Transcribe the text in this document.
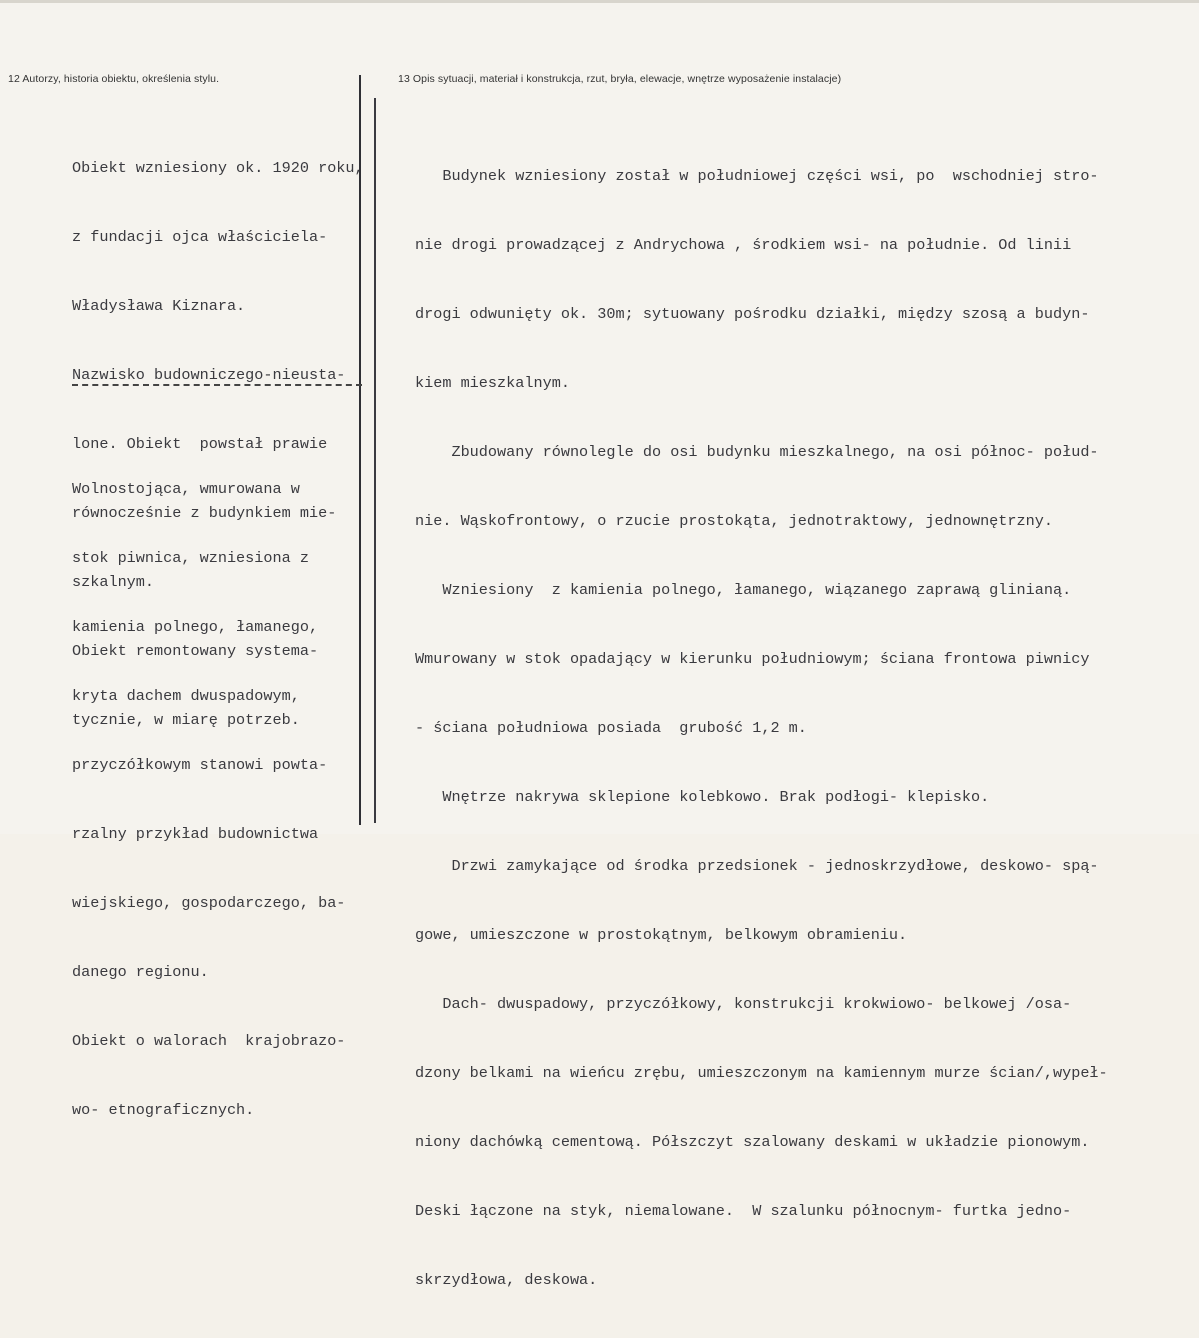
12 Autorzy, historia obiektu, określenia stylu.	13 Opis sytuacji, materiał i konstrukcja, rzut, bryła, elewacje, wnętrze wyposażenie instalacje)

Obiekt wzniesiony ok. 1920 roku,

z fundacji ojca właściciela-

Władysława Kiznara.

Nazwisko budowniczego-nieusta-

lone. Obiekt  powstał prawie

równocześnie z budynkiem mie-

szkalnym.

Obiekt remontowany systema-

tycznie, w miarę potrzeb.

Wolnostojąca, wmurowana w

stok piwnica, wzniesiona z

kamienia polnego, łamanego,

kryta dachem dwuspadowym,

przyczółkowym stanowi powta-

rzalny przykład budownictwa

wiejskiego, gospodarczego, ba-

danego regionu.

Obiekt o walorach  krajobrazo-

wo- etnograficznych.

Budynek wzniesiony został w południowej części wsi, po  wschodniej stro-

nie drogi prowadzącej z Andrychowa , środkiem wsi- na południe. Od linii

drogi odwunięty ok. 30m; sytuowany pośrodku działki, między szosą a budyn-

kiem mieszkalnym.

Zbudowany równolegle do osi budynku mieszkalnego, na osi północ- połud-

nie. Wąskofrontowy, o rzucie prostokąta, jednotraktowy, jednownętrzny.

Wzniesiony  z kamienia polnego, łamanego, wiązanego zaprawą glinianą.

Wmurowany w stok opadający w kierunku południowym; ściana frontowa piwnicy

- ściana południowa posiada  grubość 1,2 m.

Wnętrze nakrywa sklepione kolebkowo. Brak podłogi- klepisko.

Drzwi zamykające od środka przedsionek - jednoskrzydłowe, deskowo- spą-

gowe, umieszczone w prostokątnym, belkowym obramieniu.

Dach- dwuspadowy, przyczółkowy, konstrukcji krokwiowo- belkowej /osa-

dzony belkami na wieńcu zrębu, umieszczonym na kamiennym murze ścian/,wypeł-

niony dachówką cementową. Półszczyt szalowany deskami w układzie pionowym.

Deski łączone na styk, niemalowane.  W szalunku północnym- furtka jedno-

skrzydłowa, deskowa.
